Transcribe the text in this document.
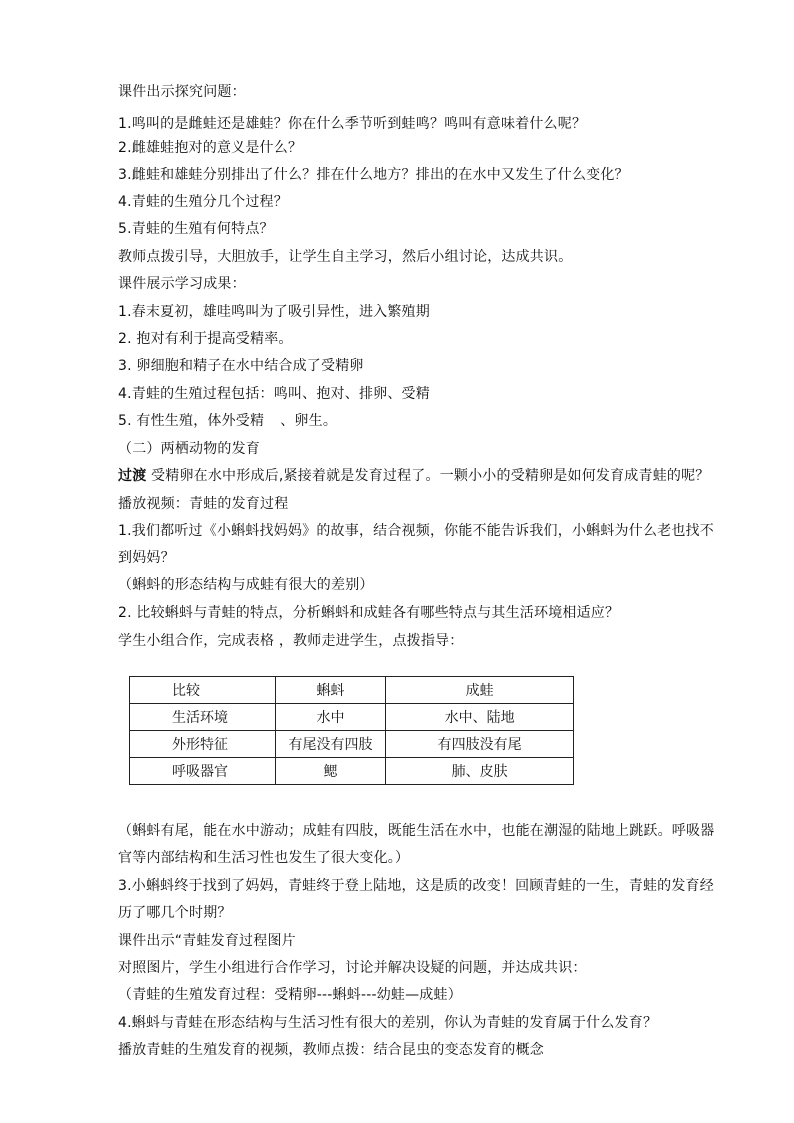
课件出示探究问题：
1.鸣叫的是雌蛙还是雄蛙？你在什么季节听到蛙鸣？鸣叫有意味着什么呢？
2.雌雄蛙抱对的意义是什么？
3.雌蛙和雄蛙分别排出了什么？排在什么地方？排出的在水中又发生了什么变化？
4.青蛙的生殖分几个过程？
5.青蛙的生殖有何特点？
教师点拨引导，大胆放手，让学生自主学习，然后小组讨论，达成共识。
课件展示学习成果：
1.春末夏初，雄哇鸣叫为了吸引异性，进入繁殖期
2. 抱对有利于提高受精率。
3. 卵细胞和精子在水中结合成了受精卵
4.青蛙的生殖过程包括：鸣叫、抱对、排卵、受精
5. 有性生殖，体外受精 、卵生。
（二）两栖动物的发育
过渡 受精卵在水中形成后,紧接着就是发育过程了。一颗小小的受精卵是如何发育成青蛙的呢？
播放视频：青蛙的发育过程
1.我们都听过《小蝌蚪找妈妈》的故事，结合视频，你能不能告诉我们，小蝌蚪为什么老也找不
到妈妈？
（蝌蚪的形态结构与成蛙有很大的差别）
2. 比较蝌蚪与青蛙的特点，分析蝌蚪和成蛙各有哪些特点与其生活环境相适应？
学生小组合作，完成表格 ，教师走进学生，点拨指导：
比较	蝌蚪	成蛙
生活环境	水中	水中、陆地
外形特征	有尾没有四肢	有四肢没有尾
呼吸器官	鳃	肺、皮肤
（蝌蚪有尾，能在水中游动；成蛙有四肢，既能生活在水中，也能在潮湿的陆地上跳跃。呼吸器
官等内部结构和生活习性也发生了很大变化。）
3.小蝌蚪终于找到了妈妈，青蛙终于登上陆地，这是质的改变！回顾青蛙的一生，青蛙的发育经
历了哪几个时期？
课件出示“青蛙发育过程图片
对照图片，学生小组进行合作学习，讨论并解决设疑的问题，并达成共识：
（青蛙的生殖发育过程：受精卵---蝌蚪---幼蛙—成蛙）
4.蝌蚪与青蛙在形态结构与生活习性有很大的差别，你认为青蛙的发育属于什么发育？
播放青蛙的生殖发育的视频，教师点拨：结合昆虫的变态发育的概念
